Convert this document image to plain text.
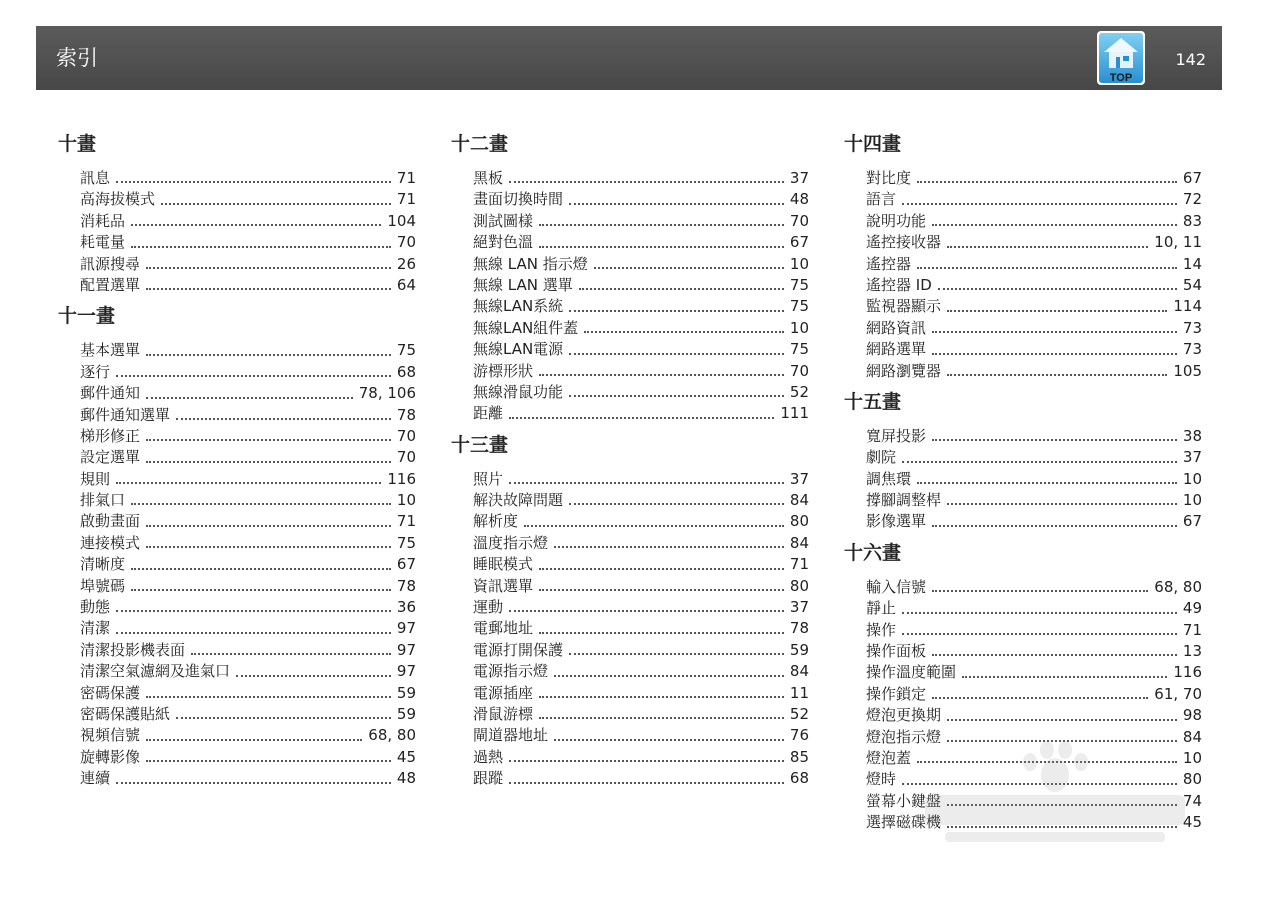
索引
TOP
142
十畫
訊息	71
高海拔模式	71
消耗品	104
耗電量	70
訊源搜尋	26
配置選單	64
十一畫
基本選單	75
逐行	68
郵件通知	78, 106
郵件通知選單	78
梯形修正	70
設定選單	70
規則	116
排氣口	10
啟動畫面	71
連接模式	75
清晰度	67
埠號碼	78
動態	36
清潔	97
清潔投影機表面	97
清潔空氣濾網及進氣口	97
密碼保護	59
密碼保護貼紙	59
視頻信號	68, 80
旋轉影像	45
連續	48
十二畫
黑板	37
畫面切換時間	48
測試圖樣	70
絕對色溫	67
無線 LAN 指示燈	10
無線 LAN 選單	75
無線LAN系統	75
無線LAN組件蓋	10
無線LAN電源	75
游標形狀	70
無線滑鼠功能	52
距離	111
十三畫
照片	37
解決故障問題	84
解析度	80
溫度指示燈	84
睡眠模式	71
資訊選單	80
運動	37
電郵地址	78
電源打開保護	59
電源指示燈	84
電源插座	11
滑鼠游標	52
閘道器地址	76
過熱	85
跟蹤	68
十四畫
對比度	67
語言	72
說明功能	83
遙控接收器	10, 11
遙控器	14
遙控器 ID	54
監視器顯示	114
網路資訊	73
網路選單	73
網路瀏覽器	105
十五畫
寬屏投影	38
劇院	37
調焦環	10
撐腳調整桿	10
影像選單	67
十六畫
輸入信號	68, 80
靜止	49
操作	71
操作面板	13
操作溫度範圍	116
操作鎖定	61, 70
燈泡更換期	98
燈泡指示燈	84
燈泡蓋	10
燈時	80
螢幕小鍵盤	74
選擇磁碟機	45
